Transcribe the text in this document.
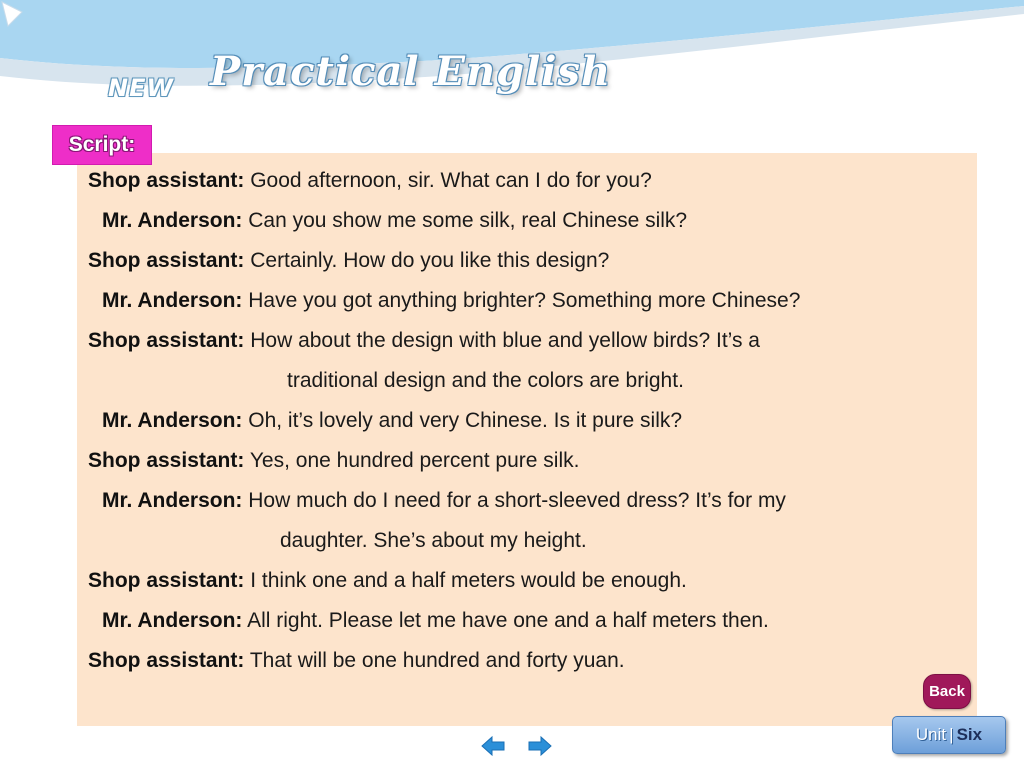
NEW Practical English
Script:
Shop assistant: Good afternoon, sir. What can I do for you?
Mr. Anderson: Can you show me some silk, real Chinese silk?
Shop assistant: Certainly. How do you like this design?
Mr. Anderson: Have you got anything brighter? Something more Chinese?
Shop assistant: How about the design with blue and yellow birds? It’s a
traditional design and the colors are bright.
Mr. Anderson: Oh, it’s lovely and very Chinese. Is it pure silk?
Shop assistant: Yes, one hundred percent pure silk.
Mr. Anderson: How much do I need for a short-sleeved dress? It’s for my
daughter. She’s about my height.
Shop assistant: I think one and a half meters would be enough.
Mr. Anderson: All right. Please let me have one and a half meters then.
Shop assistant: That will be one hundred and forty yuan.
Back
Unit | Six
